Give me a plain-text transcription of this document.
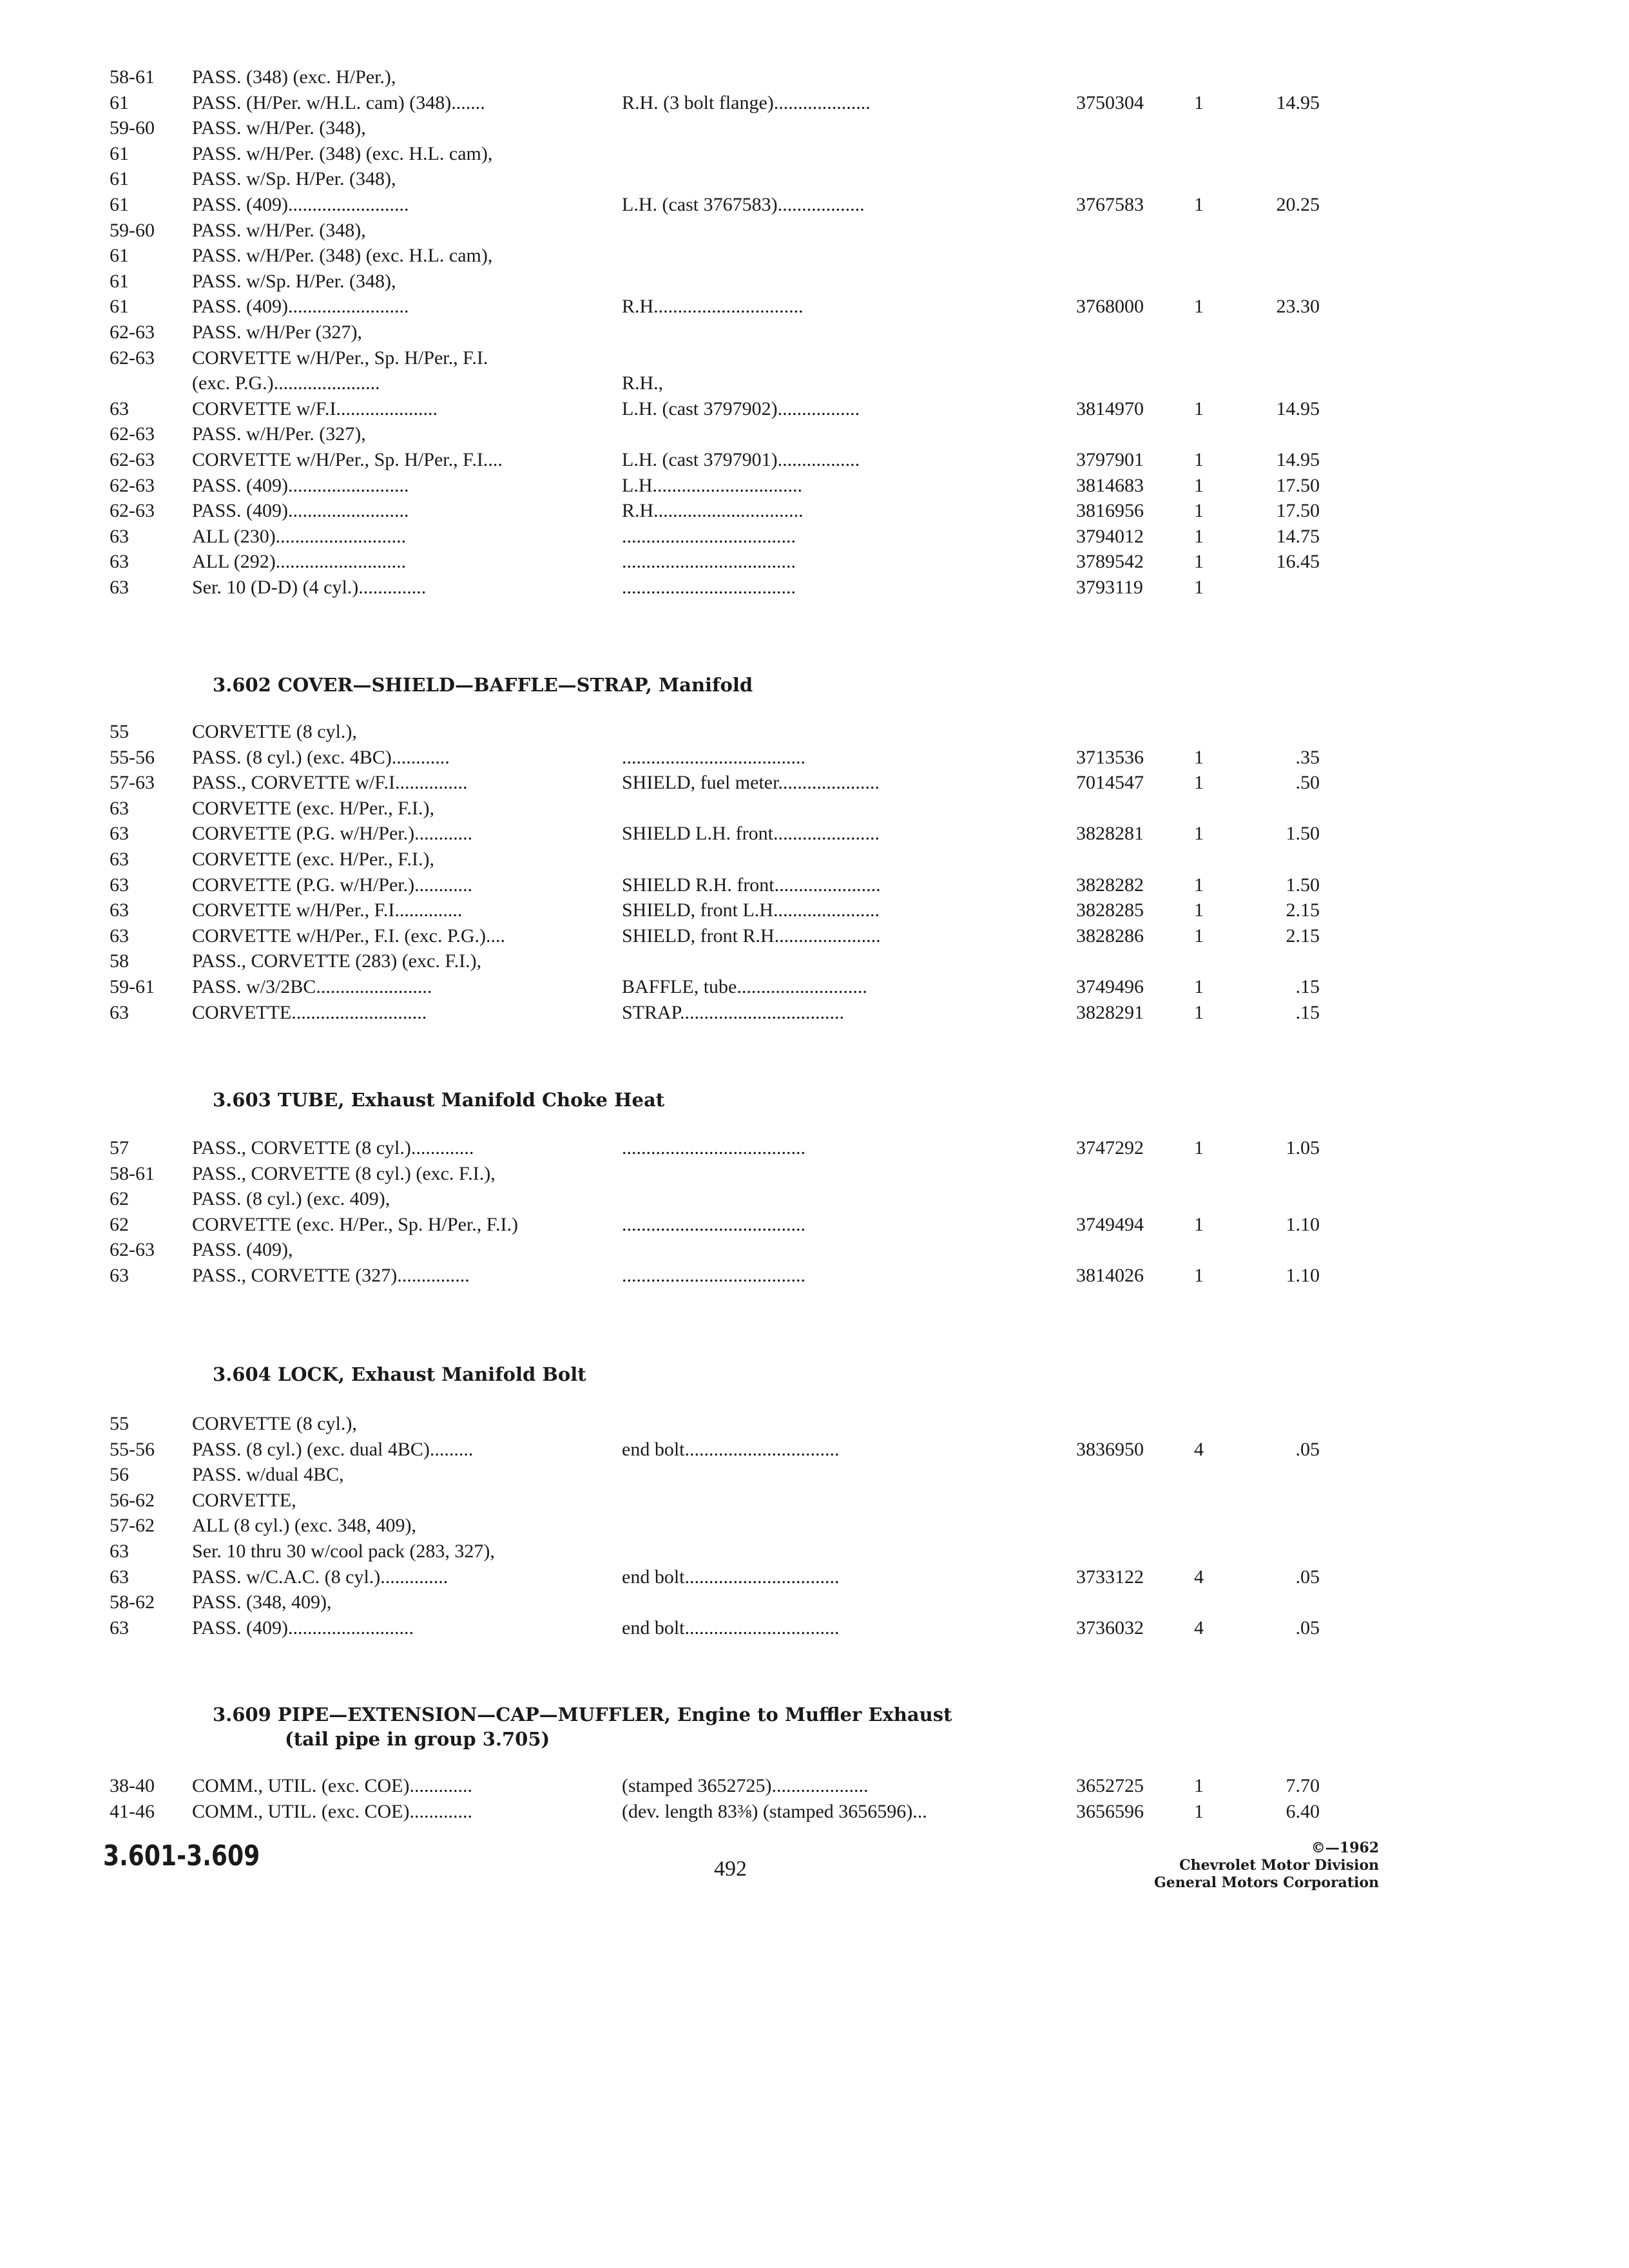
58-61 PASS. (348) (exc. H/Per.),
61	PASS. (H/Per. w/H.L. cam) (348).......	R.H. (3 bolt flange)....................	3750304	1	14.95
59-60 PASS. w/H/Per. (348),
61	PASS. w/H/Per. (348) (exc. H.L. cam),
61	PASS. w/Sp. H/Per. (348),
61	PASS. (409).........................	L.H. (cast 3767583)..................	3767583	1	20.25
59-60 PASS. w/H/Per. (348),
61	PASS. w/H/Per. (348) (exc. H.L. cam),
61	PASS. w/Sp. H/Per. (348),
61	PASS. (409).........................	R.H...............................	3768000	1	23.30
62-63 PASS. w/H/Per (327),
62-63 CORVETTE w/H/Per., Sp. H/Per., F.I.
(exc. P.G.)......................	R.H.,
63	CORVETTE w/F.I.....................	L.H. (cast 3797902).................	3814970	1	14.95
62-63 PASS. w/H/Per. (327),
62-63 CORVETTE w/H/Per., Sp. H/Per., F.I....	L.H. (cast 3797901).................	3797901	1	14.95
62-63 PASS. (409).........................	L.H...............................	3814683	1	17.50
62-63 PASS. (409).........................	R.H...............................	3816956	1	17.50
63	ALL (230)...........................	....................................	3794012	1	14.75
63	ALL (292)...........................	....................................	3789542	1	16.45
63	Ser. 10 (D-D) (4 cyl.)..............	....................................	3793119	1
3.602 COVER—SHIELD—BAFFLE—STRAP, Manifold
55	CORVETTE (8 cyl.),
55-56 PASS. (8 cyl.) (exc. 4BC)............	......................................	3713536	1	.35
57-63 PASS., CORVETTE w/F.I...............	SHIELD, fuel meter.....................	7014547	1	.50
63	CORVETTE (exc. H/Per., F.I.),
63	CORVETTE (P.G. w/H/Per.)............	SHIELD L.H. front......................	3828281	1	1.50
63	CORVETTE (exc. H/Per., F.I.),
63	CORVETTE (P.G. w/H/Per.)............	SHIELD R.H. front......................	3828282	1	1.50
63	CORVETTE w/H/Per., F.I..............	SHIELD, front L.H......................	3828285	1	2.15
63	CORVETTE w/H/Per., F.I. (exc. P.G.)....	SHIELD, front R.H......................	3828286	1	2.15
58	PASS., CORVETTE (283) (exc. F.I.),
59-61 PASS. w/3/2BC........................	BAFFLE, tube...........................	3749496	1	.15
63	CORVETTE............................	STRAP..................................	3828291	1	.15
3.603 TUBE, Exhaust Manifold Choke Heat
57	PASS., CORVETTE (8 cyl.).............	......................................	3747292	1	1.05
58-61 PASS., CORVETTE (8 cyl.) (exc. F.I.),
62	PASS. (8 cyl.) (exc. 409),
62	CORVETTE (exc. H/Per., Sp. H/Per., F.I.)	......................................	3749494	1	1.10
62-63 PASS. (409),
63	PASS., CORVETTE (327)...............	......................................	3814026	1	1.10
3.604 LOCK, Exhaust Manifold Bolt
55	CORVETTE (8 cyl.),
55-56 PASS. (8 cyl.) (exc. dual 4BC).........	end bolt................................	3836950	4	.05
56	PASS. w/dual 4BC,
56-62 CORVETTE,
57-62 ALL (8 cyl.) (exc. 348, 409),
63	Ser. 10 thru 30 w/cool pack (283, 327),
63	PASS. w/C.A.C. (8 cyl.)..............	end bolt................................	3733122	4	.05
58-62 PASS. (348, 409),
63	PASS. (409)..........................	end bolt................................	3736032	4	.05
3.609 PIPE—EXTENSION—CAP—MUFFLER, Engine to Muffler Exhaust
(tail pipe in group 3.705)
38-40 COMM., UTIL. (exc. COE).............	(stamped 3652725)....................	3652725	1	7.70
41-46 COMM., UTIL. (exc. COE).............	(dev. length 83⅜) (stamped 3656596)...	3656596	1	6.40
3.601-3.609	492
©—1962
Chevrolet Motor Division
General Motors Corporation
